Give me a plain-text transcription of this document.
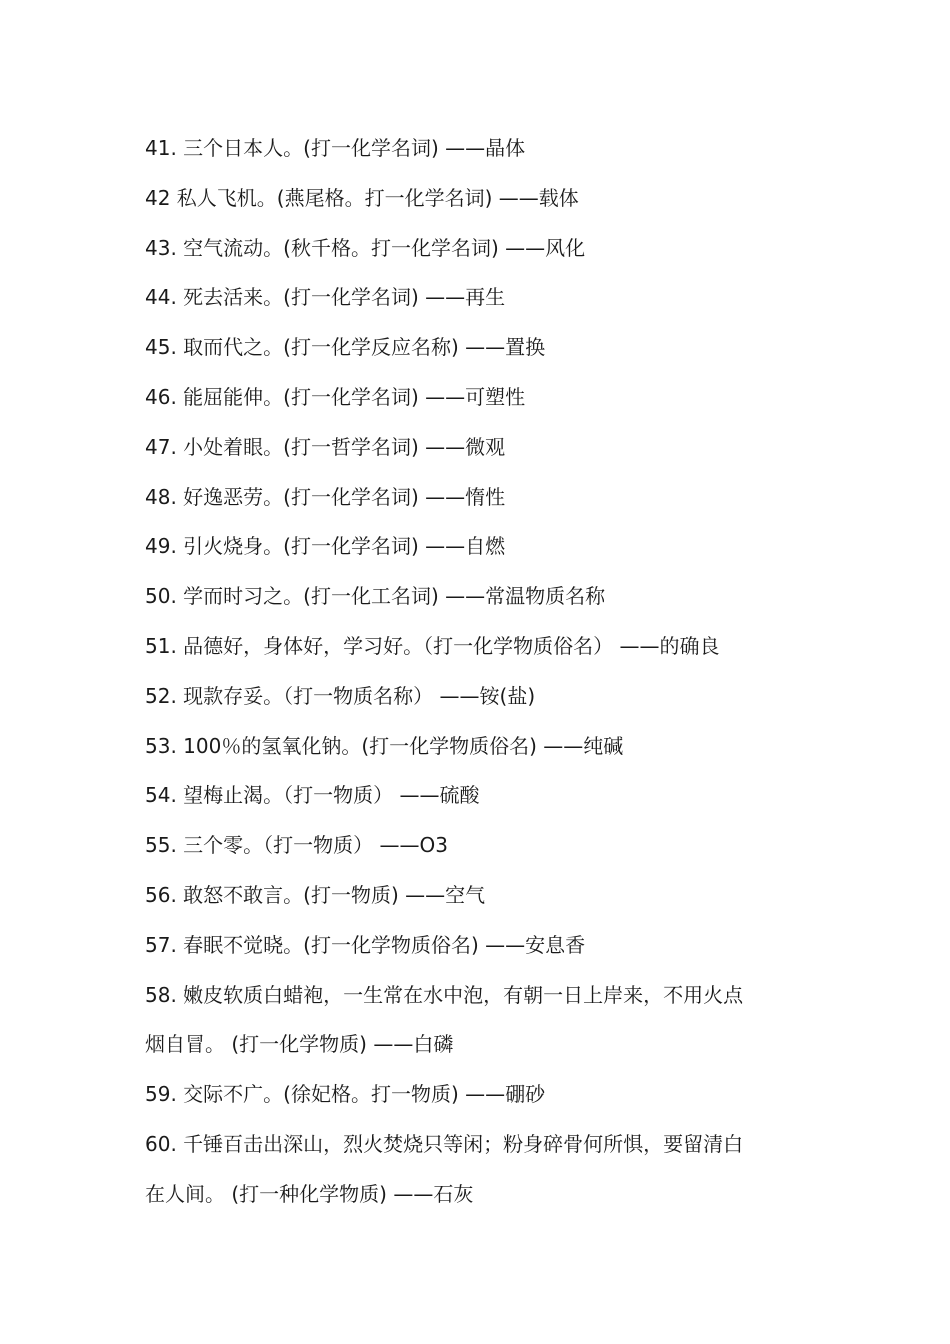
41. 三个日本人。(打一化学名词) ——晶体
42 私人飞机。(燕尾格。打一化学名词) ——载体
43. 空气流动。(秋千格。打一化学名词) ——风化
44. 死去活来。(打一化学名词) ——再生
45. 取而代之。(打一化学反应名称) ——置换
46. 能屈能伸。(打一化学名词) ——可塑性
47. 小处着眼。(打一哲学名词) ——微观
48. 好逸恶劳。(打一化学名词) ——惰性
49. 引火烧身。(打一化学名词) ——自燃
50. 学而时习之。(打一化工名词) ——常温物质名称
51. 品德好，身体好，学习好。（打一化学物质俗名） ——的确良
52. 现款存妥。（打一物质名称） ——铵(盐)
53. 100％的氢氧化钠。(打一化学物质俗名) ——纯碱
54. 望梅止渴。（打一物质） ——硫酸
55. 三个零。（打一物质） ——O3
56. 敢怒不敢言。(打一物质) ——空气
57. 春眠不觉晓。(打一化学物质俗名) ——安息香
58. 嫩皮软质白蜡袍，一生常在水中泡，有朝一日上岸来，不用火点
烟自冒。 (打一化学物质) ——白磷
59. 交际不广。(徐妃格。打一物质) ——硼砂
60. 千锤百击出深山，烈火焚烧只等闲；粉身碎骨何所惧，要留清白
在人间。 (打一种化学物质) ——石灰
